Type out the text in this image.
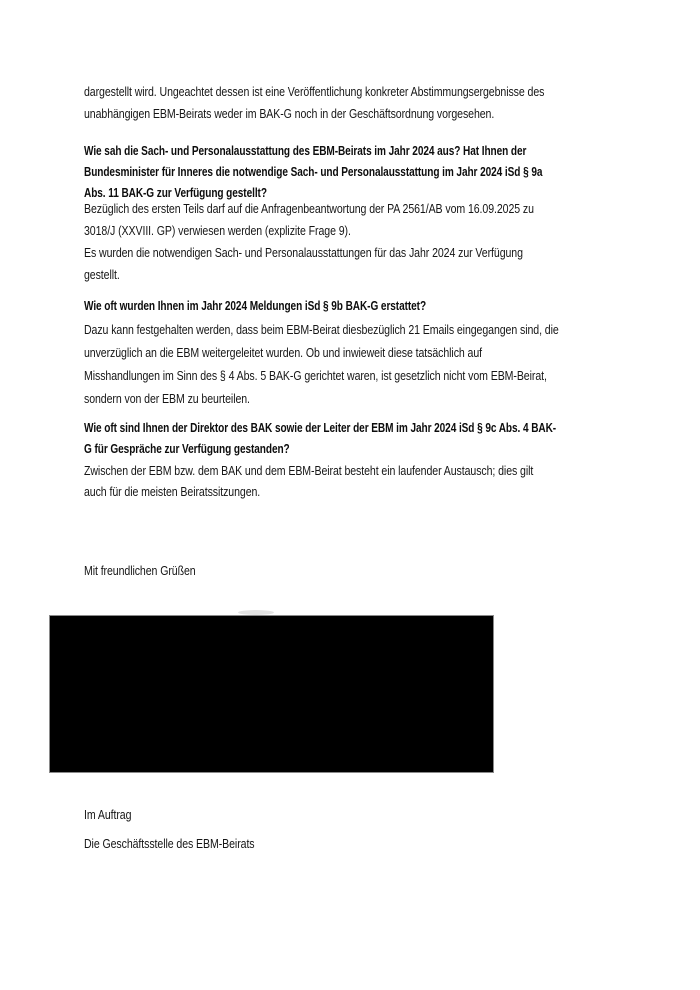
dargestellt wird. Ungeachtet dessen ist eine Veröffentlichung konkreter Abstimmungsergebnisse des
unabhängigen EBM-Beirats weder im BAK-G noch in der Geschäftsordnung vorgesehen.
Wie sah die Sach- und Personalausstattung des EBM-Beirats im Jahr 2024 aus? Hat Ihnen der
Bundesminister für Inneres die notwendige Sach- und Personalausstattung im Jahr 2024 iSd § 9a
Abs. 11 BAK-G zur Verfügung gestellt?
Bezüglich des ersten Teils darf auf die Anfragenbeantwortung der PA 2561/AB vom 16.09.2025 zu
3018/J (XXVIII. GP) verwiesen werden (explizite Frage 9).
Es wurden die notwendigen Sach- und Personalausstattungen für das Jahr 2024 zur Verfügung
gestellt.
Wie oft wurden Ihnen im Jahr 2024 Meldungen iSd § 9b BAK-G erstattet?
Dazu kann festgehalten werden, dass beim EBM-Beirat diesbezüglich 21 Emails eingegangen sind, die
unverzüglich an die EBM weitergeleitet wurden. Ob und inwieweit diese tatsächlich auf
Misshandlungen im Sinn des § 4 Abs. 5 BAK-G gerichtet waren, ist gesetzlich nicht vom EBM-Beirat,
sondern von der EBM zu beurteilen.
Wie oft sind Ihnen der Direktor des BAK sowie der Leiter der EBM im Jahr 2024 iSd § 9c Abs. 4 BAK-
G für Gespräche zur Verfügung gestanden?
Zwischen der EBM bzw. dem BAK und dem EBM-Beirat besteht ein laufender Austausch; dies gilt
auch für die meisten Beiratssitzungen.
Mit freundlichen Grüßen
Im Auftrag
Die Geschäftsstelle des EBM-Beirats
